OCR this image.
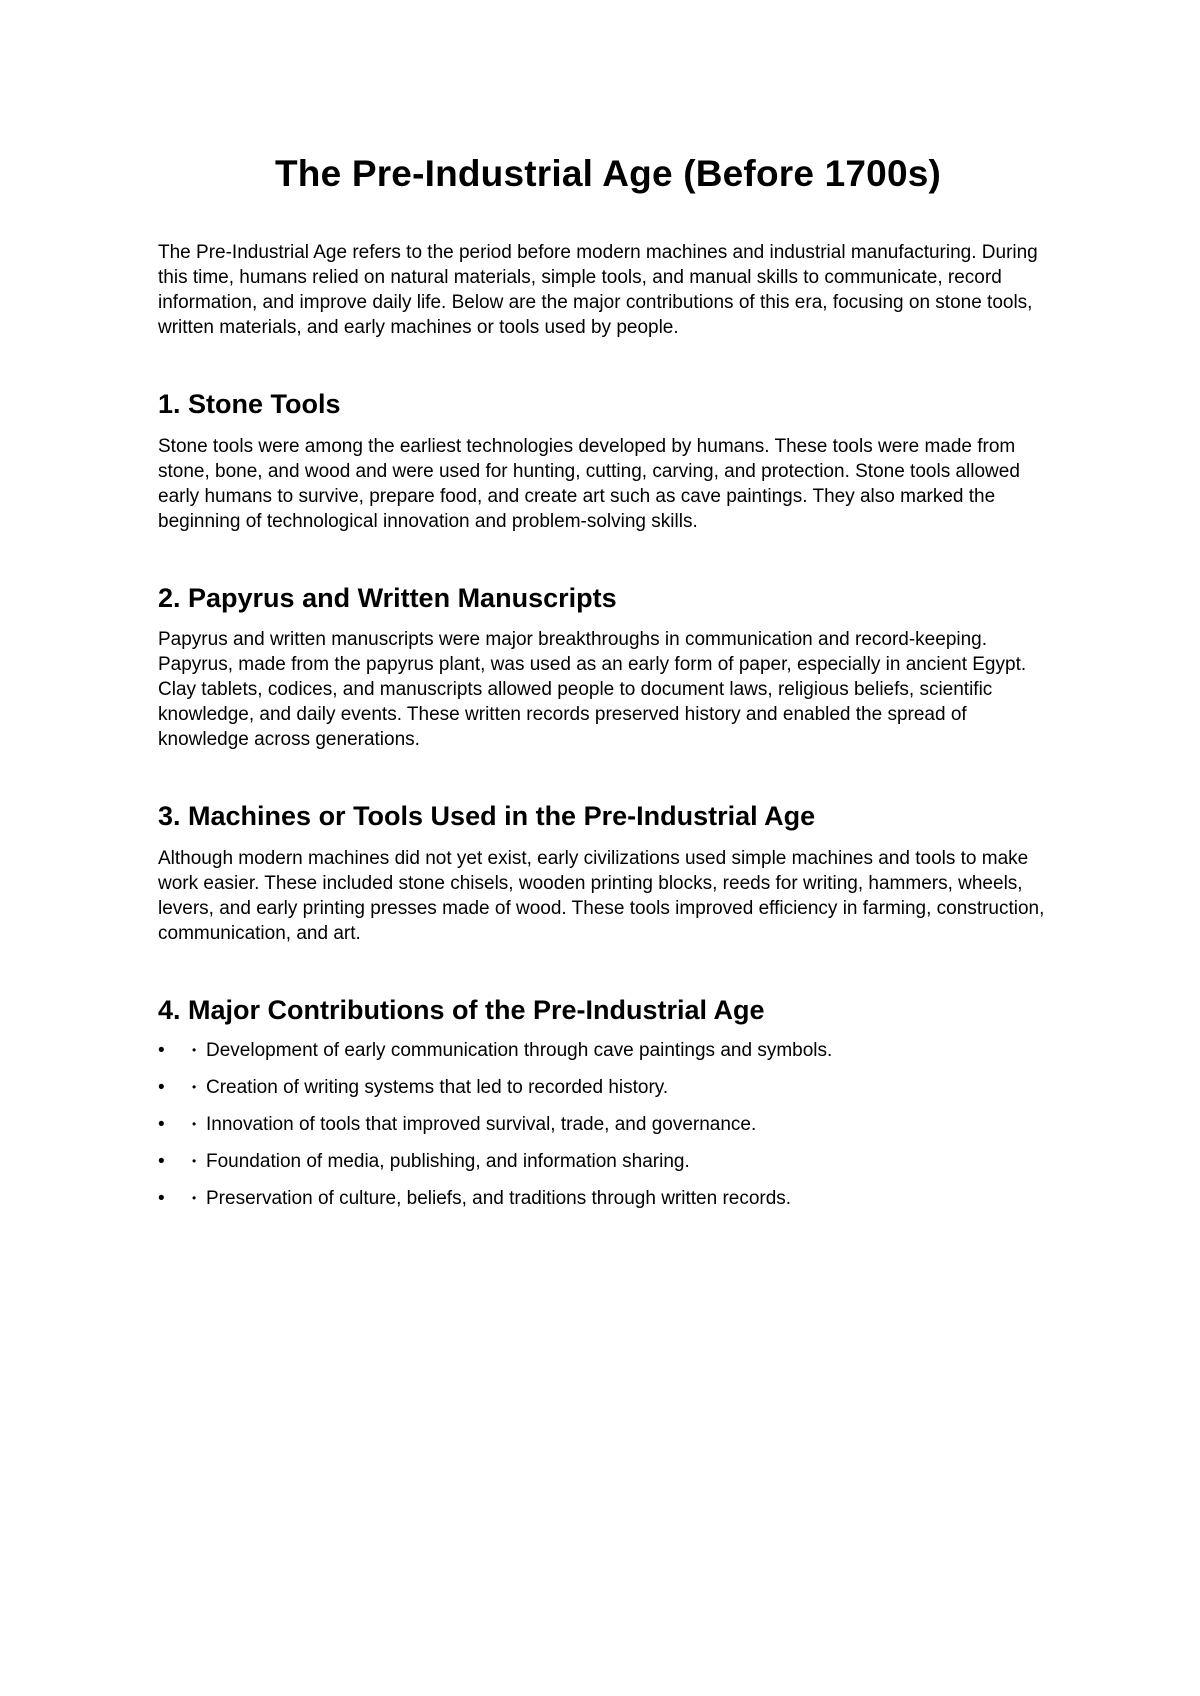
The Pre-Industrial Age (Before 1700s)

The Pre-Industrial Age refers to the period before modern machines and industrial manufacturing. During this time, humans relied on natural materials, simple tools, and manual skills to communicate, record information, and improve daily life. Below are the major contributions of this era, focusing on stone tools, written materials, and early machines or tools used by people.

1. Stone Tools

Stone tools were among the earliest technologies developed by humans. These tools were made from stone, bone, and wood and were used for hunting, cutting, carving, and protection. Stone tools allowed early humans to survive, prepare food, and create art such as cave paintings. They also marked the beginning of technological innovation and problem-solving skills.

2. Papyrus and Written Manuscripts

Papyrus and written manuscripts were major breakthroughs in communication and record-keeping. Papyrus, made from the papyrus plant, was used as an early form of paper, especially in ancient Egypt. Clay tablets, codices, and manuscripts allowed people to document laws, religious beliefs, scientific knowledge, and daily events. These written records preserved history and enabled the spread of knowledge across generations.

3. Machines or Tools Used in the Pre-Industrial Age

Although modern machines did not yet exist, early civilizations used simple machines and tools to make work easier. These included stone chisels, wooden printing blocks, reeds for writing, hammers, wheels, levers, and early printing presses made of wood. These tools improved efficiency in farming, construction, communication, and art.

4. Major Contributions of the Pre-Industrial Age
• • Development of early communication through cave paintings and symbols.
• • Creation of writing systems that led to recorded history.
• • Innovation of tools that improved survival, trade, and governance.
• • Foundation of media, publishing, and information sharing.
• • Preservation of culture, beliefs, and traditions through written records.
